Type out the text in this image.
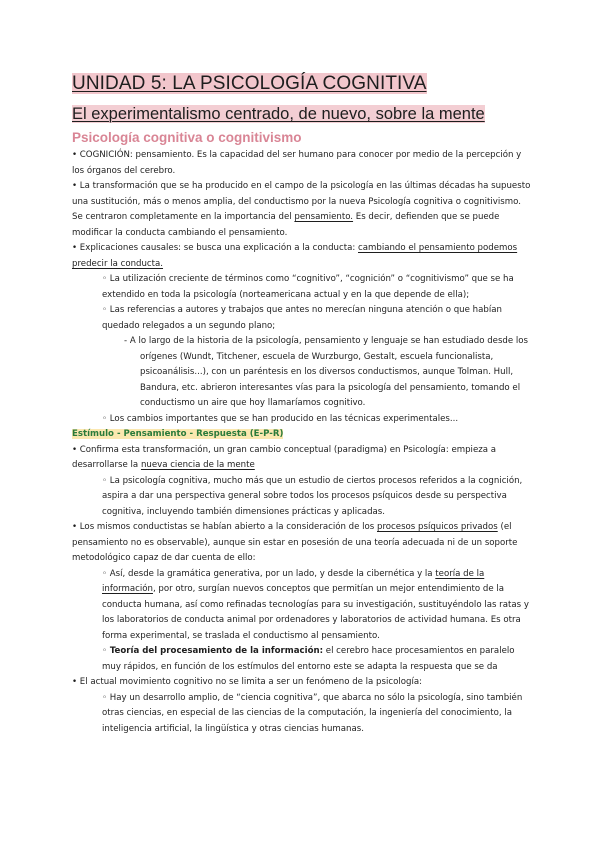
UNIDAD 5: LA PSICOLOGÍA COGNITIVA
El experimentalismo centrado, de nuevo, sobre la mente
Psicología cognitiva o cognitivismo

• COGNICIÓN: pensamiento. Es la capacidad del ser humano para conocer por medio de la percepción y los órganos del cerebro.

• La transformación que se ha producido en el campo de la psicología en las últimas décadas ha supuesto una sustitución, más o menos amplia, del conductismo por la nueva Psicología cognitiva o cognitivismo. Se centraron completamente en la importancia del pensamiento. Es decir, defienden que se puede modificar la conducta cambiando el pensamiento.

• Explicaciones causales: se busca una explicación a la conducta: cambiando el pensamiento podemos predecir la conducta.

◦ La utilización creciente de términos como “cognitivo”, “cognición” o “cognitivismo” que se ha extendido en toda la psicología (norteamericana actual y en la que depende de ella);

◦ Las referencias a autores y trabajos que antes no merecían ninguna atención o que habían quedado relegados a un segundo plano;

- A lo largo de la historia de la psicología, pensamiento y lenguaje se han estudiado desde los orígenes (Wundt, Titchener, escuela de Wurzburgo, Gestalt, escuela funcionalista, psicoanálisis...), con un paréntesis en los diversos conductismos, aunque Tolman. Hull, Bandura, etc. abrieron interesantes vías para la psicología del pensamiento, tomando el conductismo un aire que hoy llamaríamos cognitivo.

◦ Los cambios importantes que se han producido en las técnicas experimentales...

Estímulo - Pensamiento - Respuesta (E-P-R)

• Confirma esta transformación, un gran cambio conceptual (paradigma) en Psicología: empieza a desarrollarse la nueva ciencia de la mente

◦ La psicología cognitiva, mucho más que un estudio de ciertos procesos referidos a la cognición, aspira a dar una perspectiva general sobre todos los procesos psíquicos desde su perspectiva cognitiva, incluyendo también dimensiones prácticas y aplicadas.

• Los mismos conductistas se habían abierto a la consideración de los procesos psíquicos privados (el pensamiento no es observable), aunque sin estar en posesión de una teoría adecuada ni de un soporte metodológico capaz de dar cuenta de ello:

◦ Así, desde la gramática generativa, por un lado, y desde la cibernética y la teoría de la información, por otro, surgían nuevos conceptos que permitían un mejor entendimiento de la conducta humana, así como refinadas tecnologías para su investigación, sustituyéndolo las ratas y los laboratorios de conducta animal por ordenadores y laboratorios de actividad humana. Es otra forma experimental, se traslada el conductismo al pensamiento.

◦ Teoría del procesamiento de la información: el cerebro hace procesamientos en paralelo muy rápidos, en función de los estímulos del entorno este se adapta la respuesta que se da

• El actual movimiento cognitivo no se limita a ser un fenómeno de la psicología:

◦ Hay un desarrollo amplio, de “ciencia cognitiva”, que abarca no sólo la psicología, sino también otras ciencias, en especial de las ciencias de la computación, la ingeniería del conocimiento, la inteligencia artificial, la lingüística y otras ciencias humanas.
